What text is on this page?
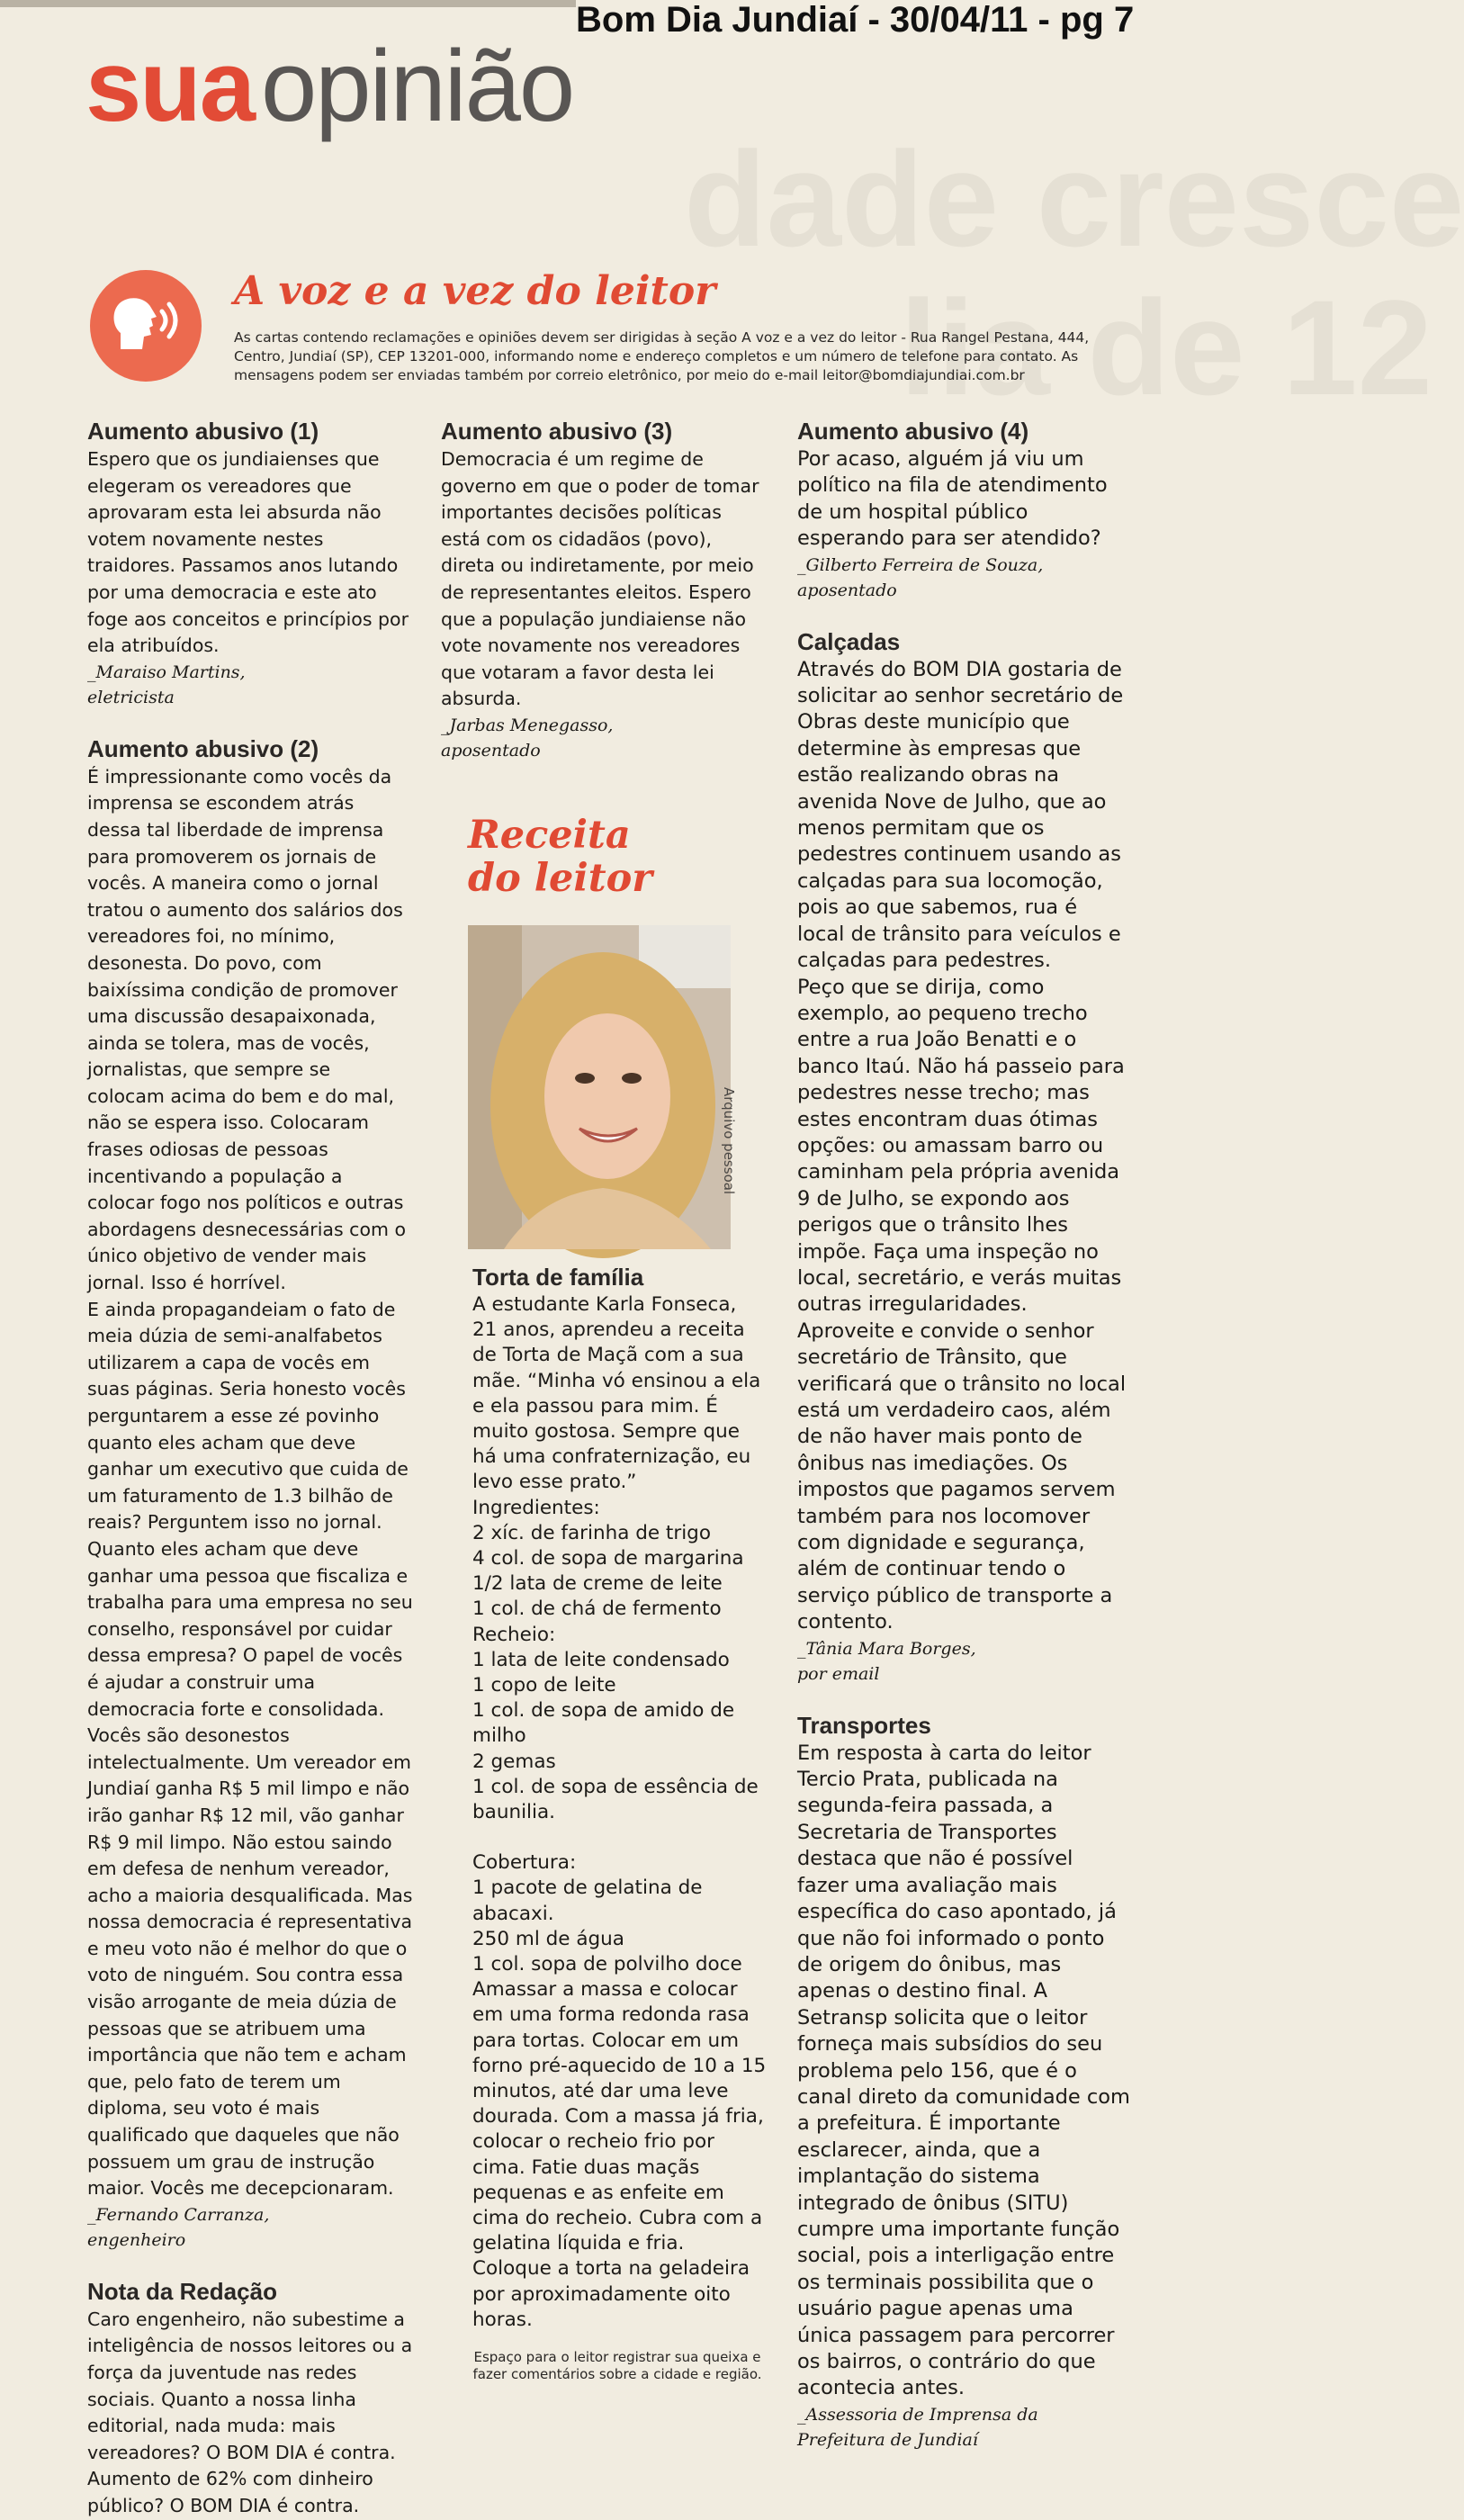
Bom Dia Jundiaí - 30/04/11 - pg 7
dade cresce
lia de 12
suaopinião
A voz e a vez do leitor
As cartas contendo reclamações e opiniões devem ser dirigidas à seção A voz e a vez do leitor - Rua Rangel Pestana, 444, Centro, Jundiaí (SP), CEP 13201-000, informando nome e endereço completos e um número de telefone para contato. As mensagens podem ser enviadas também por correio eletrônico, por meio do e-mail leitor@bomdiajundiai.com.br
Aumento abusivo (1)

Espero que os jundiaienses que elegeram os vereadores que aprovaram esta lei absurda não votem novamente nestes traidores. Passamos anos lutando por uma democracia e este ato foge aos conceitos e princípios por ela atribuídos.

_Maraiso Martins,

eletricista

Aumento abusivo (2)

É impressionante como vocês da imprensa se escondem atrás dessa tal liberdade de imprensa para promoverem os jornais de vocês. A maneira como o jornal tratou o aumento dos salários dos vereadores foi, no mínimo, desonesta. Do povo, com baixíssima condição de promover uma discussão desapaixonada, ainda se tolera, mas de vocês, jornalistas, que sempre se colocam acima do bem e do mal, não se espera isso. Colocaram frases odiosas de pessoas incentivando a população a colocar fogo nos políticos e outras abordagens desnecessárias com o único objetivo de vender mais jornal. Isso é horrível.

E ainda propagandeiam o fato de meia dúzia de semi-analfabetos utilizarem a capa de vocês em suas páginas. Seria honesto vocês perguntarem a esse zé povinho quanto eles acham que deve ganhar um executivo que cuida de um faturamento de 1.3 bilhão de reais? Perguntem isso no jornal. Quanto eles acham que deve ganhar uma pessoa que fiscaliza e trabalha para uma empresa no seu conselho, responsável por cuidar dessa empresa? O papel de vocês é ajudar a construir uma democracia forte e consolidada. Vocês são desonestos intelectualmente. Um vereador em Jundiaí ganha R$ 5 mil limpo e não irão ganhar R$ 12 mil, vão ganhar R$ 9 mil limpo. Não estou saindo em defesa de nenhum vereador, acho a maioria desqualificada. Mas nossa democracia é representativa e meu voto não é melhor do que o voto de ninguém. Sou contra essa visão arrogante de meia dúzia de pessoas que se atribuem uma importância que não tem e acham que, pelo fato de terem um diploma, seu voto é mais qualificado que daqueles que não possuem um grau de instrução maior. Vocês me decepcionaram.

_Fernando Carranza,

engenheiro

Nota da Redação

Caro engenheiro, não subestime a inteligência de nossos leitores ou a força da juventude nas redes sociais. Quanto a nossa linha editorial, nada muda: mais vereadores? O BOM DIA é contra. Aumento de 62% com dinheiro público? O BOM DIA é contra.

Aumento abusivo (3)

Democracia é um regime de governo em que o poder de tomar importantes decisões políticas está com os cidadãos (povo), direta ou indiretamente, por meio de representantes eleitos. Espero que a população jundiaiense não vote novamente nos vereadores que votaram a favor desta lei absurda.

_Jarbas Menegasso,

aposentado

Receita
do leitor
Arquivo pessoal
Torta de família

A estudante Karla Fonseca, 21 anos, aprendeu a receita de Torta de Maçã com a sua mãe. “Minha vó ensinou a ela e ela passou para mim. É muito gostosa. Sempre que há uma confraternização, eu levo esse prato.”

Ingredientes:

2 xíc. de farinha de trigo
4 col. de sopa de margarina
1/2 lata de creme de leite
1 col. de chá de fermento

Recheio:

1 lata de leite condensado
1 copo de leite
1 col. de sopa de amido de milho
2 gemas
1 col. de sopa de essência de baunilia.

Cobertura:

1 pacote de gelatina de abacaxi.
250 ml de água
1 col. sopa de polvilho doce

Amassar a massa e colocar em uma forma redonda rasa para tortas. Colocar em um forno pré-aquecido de 10 a 15 minutos, até dar uma leve dourada. Com a massa já fria, colocar o recheio frio por cima. Fatie duas maçãs pequenas e as enfeite em cima do recheio. Cubra com a gelatina líquida e fria. Coloque a torta na geladeira por aproximadamente oito horas.

Espaço para o leitor registrar sua queixa e fazer comentários sobre a cidade e região.
Aumento abusivo (4)

Por acaso, alguém já viu um político na fila de atendimento de um hospital público esperando para ser atendido?

_Gilberto Ferreira de Souza,

aposentado

Calçadas

Através do BOM DIA gostaria de solicitar ao senhor secretário de Obras deste município que determine às empresas que estão realizando obras na avenida Nove de Julho, que ao menos permitam que os pedestres continuem usando as calçadas para sua locomoção, pois ao que sabemos, rua é local de trânsito para veículos e calçadas para pedestres.

Peço que se dirija, como exemplo, ao pequeno trecho entre a rua João Benatti e o banco Itaú. Não há passeio para pedestres nesse trecho; mas estes encontram duas ótimas opções: ou amassam barro ou caminham pela própria avenida 9 de Julho, se expondo aos perigos que o trânsito lhes impõe. Faça uma inspeção no local, secretário, e verás muitas outras irregularidades.

Aproveite e convide o senhor secretário de Trânsito, que verificará que o trânsito no local está um verdadeiro caos, além de não haver mais ponto de ônibus nas imediações. Os impostos que pagamos servem também para nos locomover com dignidade e segurança, além de continuar tendo o serviço público de transporte a contento.

_Tânia Mara Borges,

por email

Transportes

Em resposta à carta do leitor Tercio Prata, publicada na segunda-feira passada, a Secretaria de Transportes destaca que não é possível fazer uma avaliação mais específica do caso apontado, já que não foi informado o ponto de origem do ônibus, mas apenas o destino final. A Setransp solicita que o leitor forneça mais subsídios do seu problema pelo 156, que é o canal direto da comunidade com a prefeitura. É importante esclarecer, ainda, que a implantação do sistema integrado de ônibus (SITU) cumpre uma importante função social, pois a interligação entre os terminais possibilita que o usuário pague apenas uma única passagem para percorrer os bairros, o contrário do que acontecia antes.

_Assessoria de Imprensa da

Prefeitura de Jundiaí
